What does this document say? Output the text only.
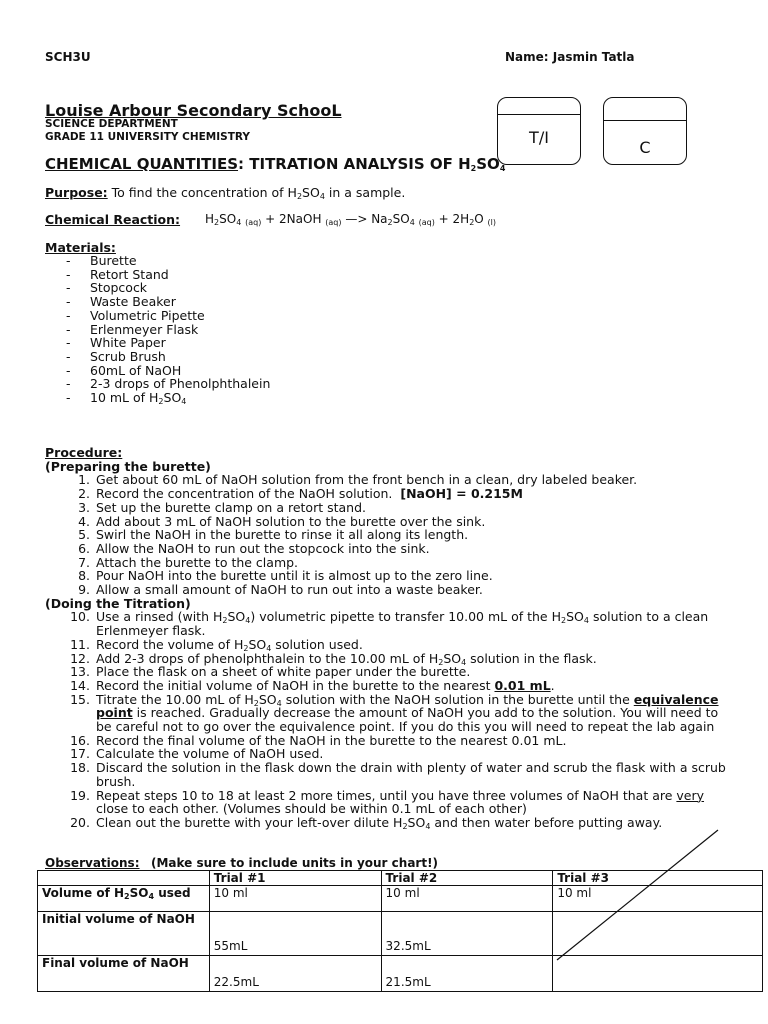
SCH3U	Name: Jasmin Tatla
Louise Arbour Secondary SchooL
SCIENCE DEPARTMENT
GRADE 11 UNIVERSITY CHEMISTRY	T/I
C
CHEMICAL QUANTITIES: TITRATION ANALYSIS OF $H_2SO_4$
Purpose: To find the concentration of $H_2SO_4$ in a sample.
Chemical Reaction: $H_2SO_4$ $_{(aq)}$ + 2NaOH $_{(aq)}$ —> $Na_2SO_4$ $_{(aq)} + 2H_2O$ $_{(l)}$
Materials:
-	Burette
-	Retort Stand
-	Stopcock
-	Waste Beaker
-	Volumetric Pipette
-	Erlenmeyer Flask
-	White Paper
-	Scrub Brush
-	60mL of NaOH
-	2-3 drops of Phenolphthalein
-	10 mL of $H_2SO_4$
Procedure:
(Preparing the burette)
1. Get about 60 mL of NaOH solution from the front bench in a clean, dry labeled beaker.
2. Record the concentration of the NaOH solution.  [NaOH] = 0.215M
3. Set up the burette clamp on a retort stand.
4. Add about 3 mL of NaOH solution to the burette over the sink.
5. Swirl the NaOH in the burette to rinse it all along its length.
6. Allow the NaOH to run out the stopcock into the sink.
7. Attach the burette to the clamp.
8. Pour NaOH into the burette until it is almost up to the zero line.
9. Allow a small amount of NaOH to run out into a waste beaker.
(Doing the Titration)
10. Use a rinsed (with $H_2SO_4$) volumetric pipette to transfer 10.00 mL of the $H_2SO_4$ solution to a clean Erlenmeyer flask.
11. Record the volume of $H_2SO_4$ solution used.
12. Add 2-3 drops of phenolphthalein to the 10.00 mL of $H_2SO_4$ solution in the flask.
13. Place the flask on a sheet of white paper under the burette.
14. Record the initial volume of NaOH in the burette to the nearest 0.01 mL.
15. Titrate the 10.00 mL of $H_2SO_4$ solution with the NaOH solution in the burette until the equivalence point is reached. Gradually decrease the amount of NaOH you add to the solution. You will need to be careful not to go over the equivalence point. If you do this you will need to repeat the lab again
16. Record the final volume of the NaOH in the burette to the nearest 0.01 mL.
17. Calculate the volume of NaOH used.
18. Discard the solution in the flask down the drain with plenty of water and scrub the flask with a scrub brush.
19. Repeat steps 10 to 18 at least 2 more times, until you have three volumes of NaOH that are very close to each other. (Volumes should be within 0.1 mL of each other)
20. Clean out the burette with your left-over dilute $H_2SO_4$ and then water before putting away.
Observations: (Make sure to include units in your chart!)
	Trial #1	Trial #2	Trial #3
Volume of $H_2SO_4$ used	10 ml	10 ml	10 ml
Initial volume of NaOH	55mL	32.5mL	
Final volume of NaOH	22.5mL	21.5mL	
